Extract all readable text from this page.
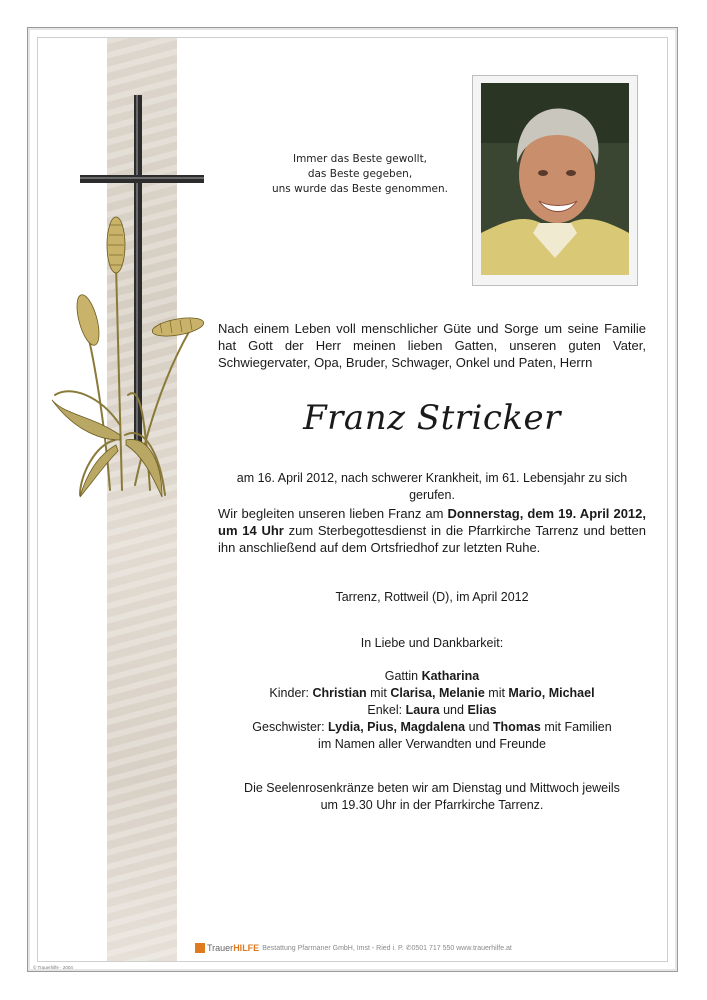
Immer das Beste gewollt,
das Beste gegeben,
uns wurde das Beste genommen.
Nach einem Leben voll menschlicher Güte und Sorge um seine Familie hat Gott der Herr meinen lieben Gatten, unseren guten Vater, Schwiegervater, Opa, Bruder, Schwager, Onkel und Paten, Herrn
Franz Stricker
am 16. April 2012, nach schwerer Krankheit, im 61. Lebensjahr zu sich gerufen.
Wir begleiten unseren lieben Franz am Donnerstag, dem 19. April 2012, um 14 Uhr zum Sterbegottesdienst in die Pfarrkirche Tarrenz und betten ihn anschließend auf dem Ortsfriedhof zur letzten Ruhe.
Tarrenz, Rottweil (D), im April 2012
In Liebe und Dankbarkeit:
Gattin Katharina
Kinder: Christian mit Clarisa, Melanie mit Mario, Michael
Enkel: Laura und Elias
Geschwister: Lydia, Pius, Magdalena und Thomas mit Familien
im Namen aller Verwandten und Freunde
Die Seelenrosenkränze beten wir am Dienstag und Mittwoch jeweils
um 19.30 Uhr in der Pfarrkirche Tarrenz.
TrauerHILFE Bestattung Pfarrnaner GmbH, Imst - Ried i. P. ✆0501 717 550 www.trauerhilfe.at
© Trauerhilfe · 2004
